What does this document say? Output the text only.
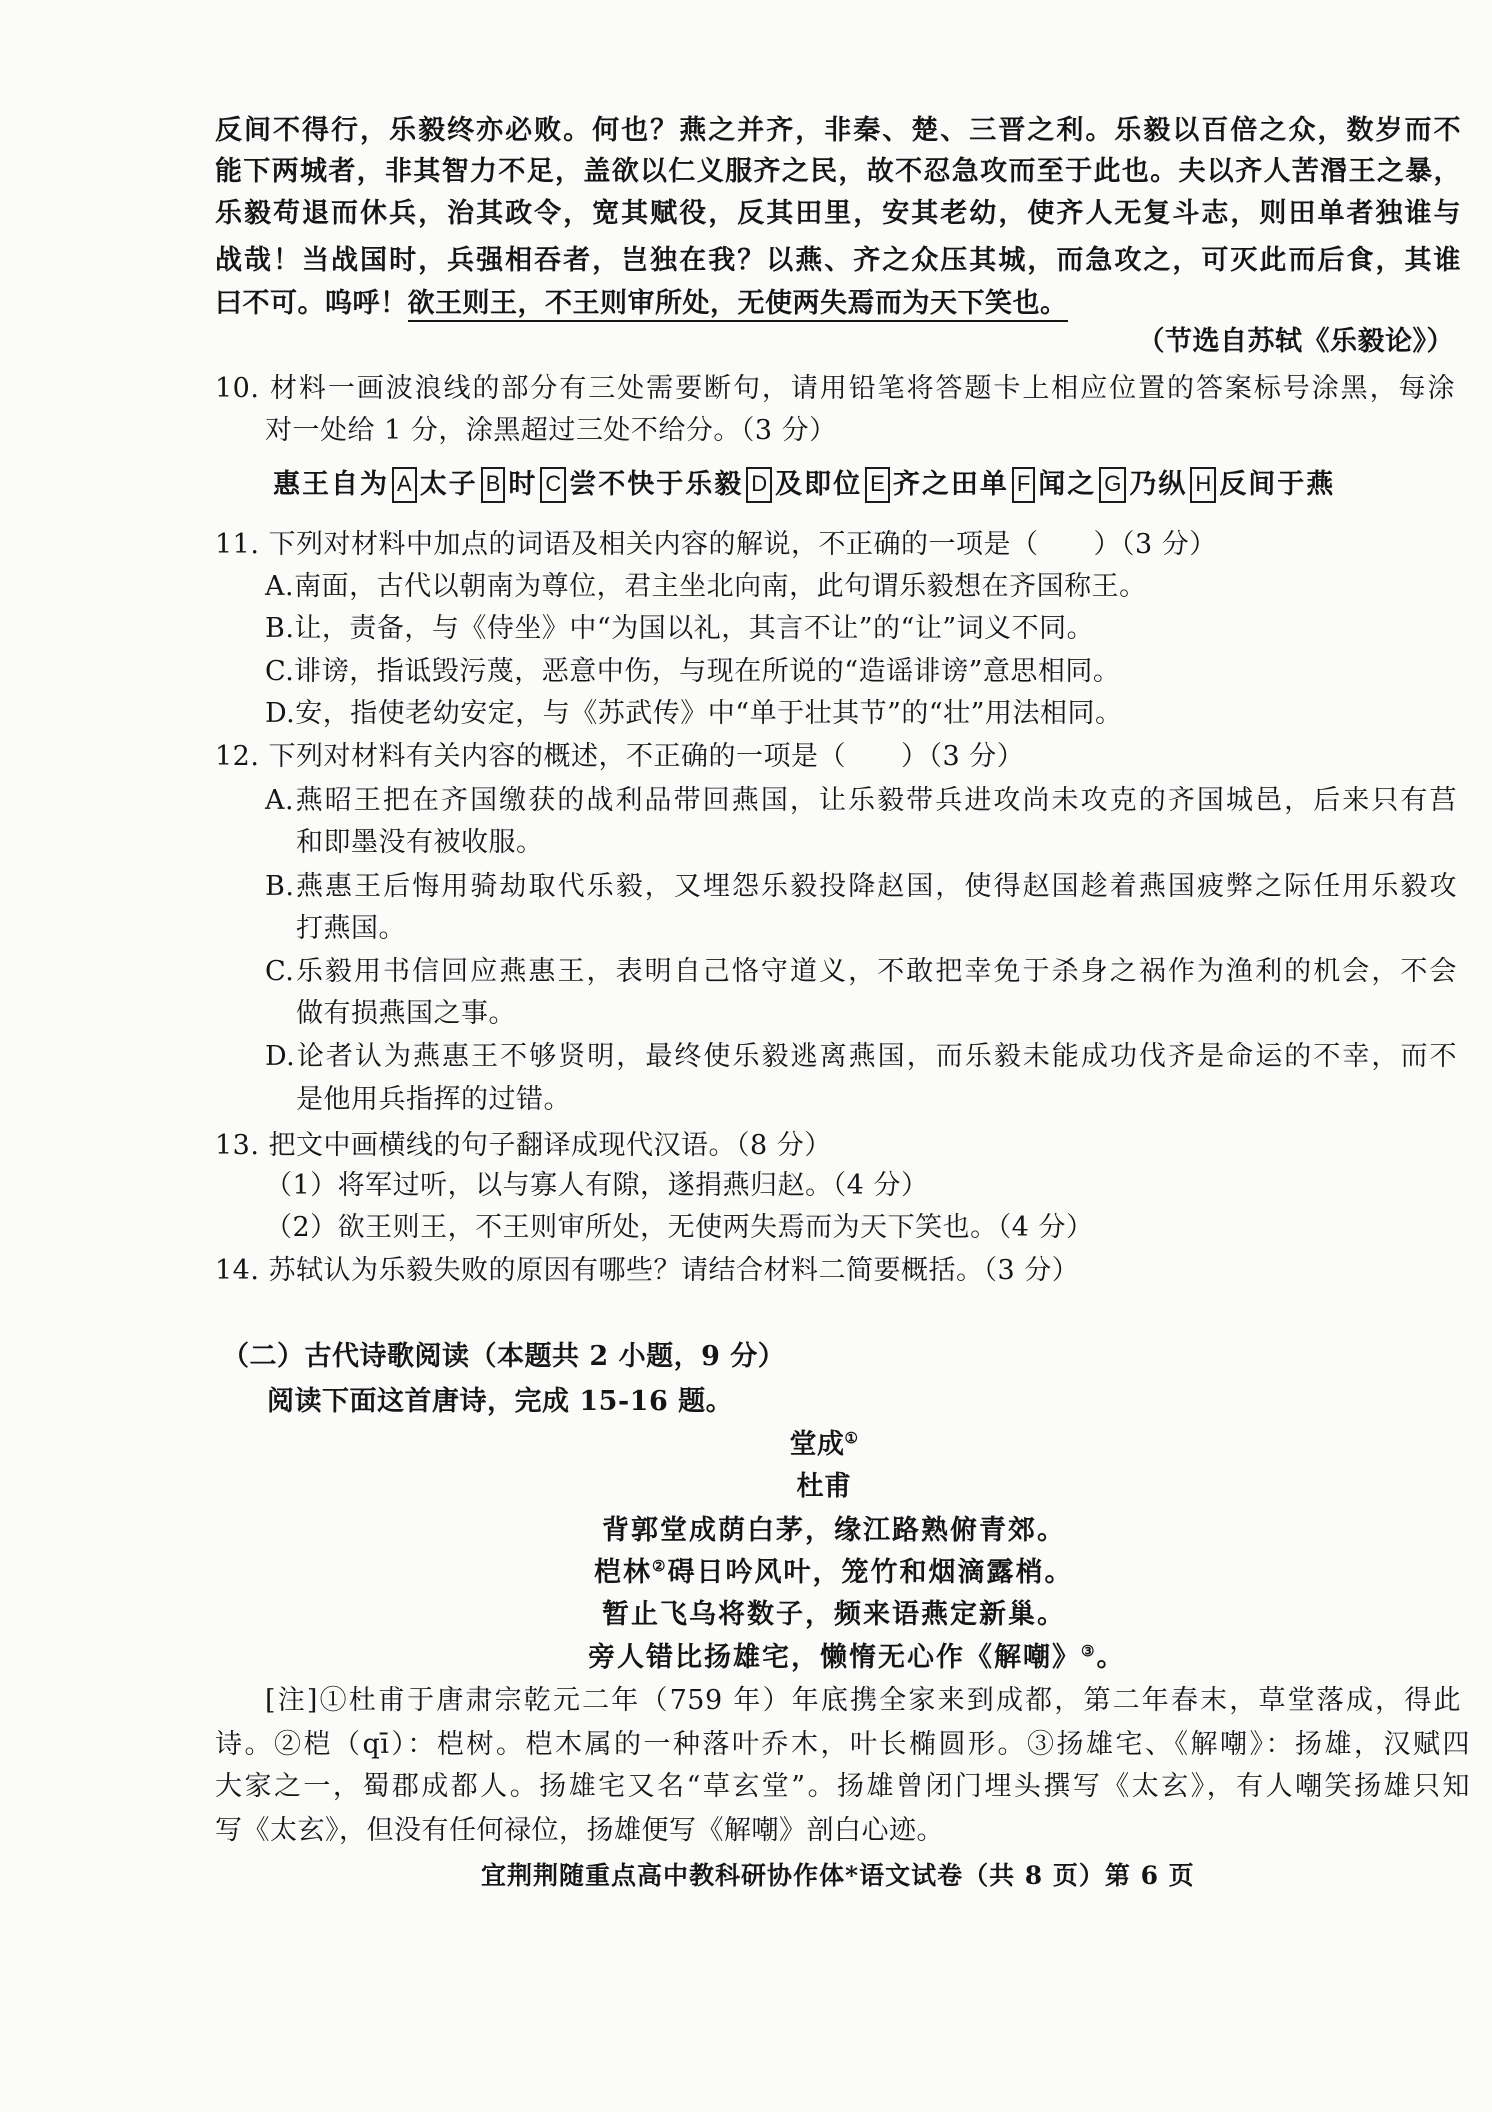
反间不得行，乐毅终亦必败。何也？燕之并齐，非秦、楚、三晋之利。乐毅以百倍之众，数岁而不
能下两城者，非其智力不足，盖欲以仁义服齐之民，故不忍急攻而至于此也。夫以齐人苦湣王之暴，
乐毅苟退而休兵，治其政令，宽其赋役，反其田里，安其老幼，使齐人无复斗志，则田单者独谁与
战哉！当战国时，兵强相吞者，岂独在我？以燕、齐之众压其城，而急攻之，可灭此而后食，其谁
曰不可。呜呼！欲王则王，不王则审所处，无使两失焉而为天下笑也。
（节选自苏轼《乐毅论》）
10. 材料一画波浪线的部分有三处需要断句，请用铅笔将答题卡上相应位置的答案标号涂黑，每涂
对一处给 1 分，涂黑超过三处不给分。（3 分）
惠王自为 A 太子 B 时 C 尝不快于乐毅 D 及即位 E 齐之田单 F 闻之 G 乃纵 H 反间于燕
11. 下列对材料中加点的词语及相关内容的解说，不正确的一项是（　　）（3 分）
A.南面，古代以朝南为尊位，君主坐北向南，此句谓乐毅想在齐国称王。
B.让，责备，与《侍坐》中“为国以礼，其言不让”的“让”词义不同。
C.诽谤，指诋毁污蔑，恶意中伤，与现在所说的“造谣诽谤”意思相同。
D.安，指使老幼安定，与《苏武传》中“单于壮其节”的“壮”用法相同。
12. 下列对材料有关内容的概述，不正确的一项是（　　）（3 分）
A.燕昭王把在齐国缴获的战利品带回燕国，让乐毅带兵进攻尚未攻克的齐国城邑，后来只有莒
和即墨没有被收服。
B.燕惠王后悔用骑劫取代乐毅，又埋怨乐毅投降赵国，使得赵国趁着燕国疲弊之际任用乐毅攻
打燕国。
C.乐毅用书信回应燕惠王，表明自己恪守道义，不敢把幸免于杀身之祸作为渔利的机会，不会
做有损燕国之事。
D.论者认为燕惠王不够贤明，最终使乐毅逃离燕国，而乐毅未能成功伐齐是命运的不幸，而不
是他用兵指挥的过错。
13. 把文中画横线的句子翻译成现代汉语。（8 分）
（1）将军过听，以与寡人有隙，遂捐燕归赵。（4 分）
（2）欲王则王，不王则审所处，无使两失焉而为天下笑也。（4 分）
14. 苏轼认为乐毅失败的原因有哪些？请结合材料二简要概括。（3 分）
（二）古代诗歌阅读（本题共 2 小题，9 分）
阅读下面这首唐诗，完成 15-16 题。
堂成①
杜甫
背郭堂成荫白茅，缘江路熟俯青郊。
桤林②碍日吟风叶，笼竹和烟滴露梢。
暂止飞乌将数子，频来语燕定新巢。
旁人错比扬雄宅，懒惰无心作《解嘲》③。
[注]①杜甫于唐肃宗乾元二年（759 年）年底携全家来到成都，第二年春末，草堂落成，得此
诗。②桤（qī）：桤树。桤木属的一种落叶乔木，叶长椭圆形。③扬雄宅、《解嘲》：扬雄，汉赋四
大家之一，蜀郡成都人。扬雄宅又名“草玄堂”。扬雄曾闭门埋头撰写《太玄》，有人嘲笑扬雄只知
写《太玄》，但没有任何禄位，扬雄便写《解嘲》剖白心迹。
宜荆荆随重点高中教科研协作体*语文试卷（共 8 页）第 6 页
